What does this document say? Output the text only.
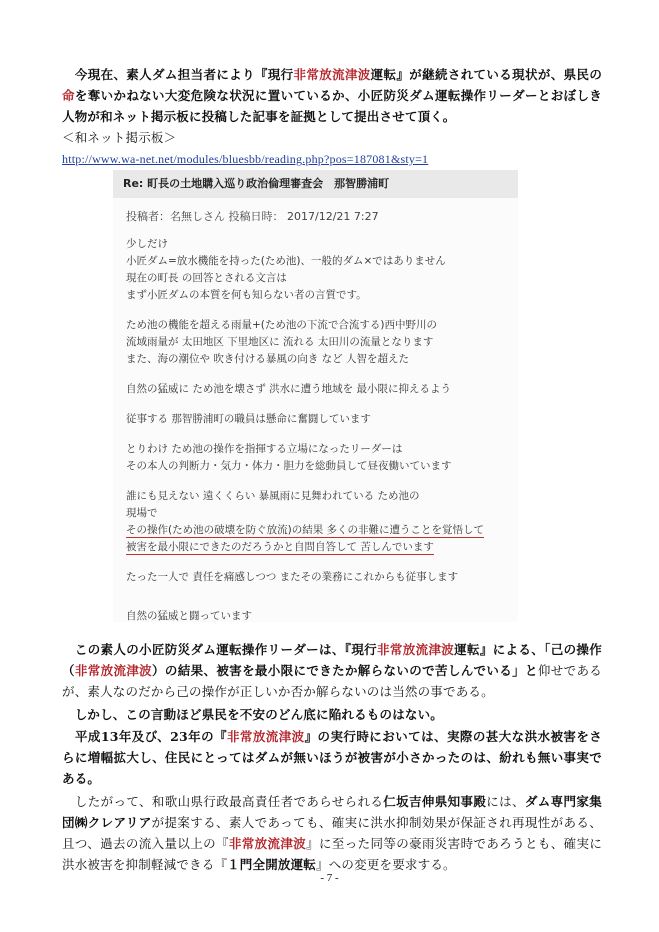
　今現在、素人ダム担当者により『現行非常放流津波運転』が継続されている現状が、県民の命を奪いかねない大変危険な状況に置いているか、小匠防災ダム運転操作リーダーとおぼしき人物が和ネット掲示板に投稿した記事を証拠として提出させて頂く。
＜和ネット掲示板＞
http://www.wa-net.net/modules/bluesbb/reading.php?pos=187081&sty=1
Re: 町長の土地購入巡り政治倫理審査会　那智勝浦町
投稿者：名無しさん 投稿日時： 2017/12/21 7:27
少しだけ
小匠ダム=放水機能を持った(ため池)、一般的ダム×ではありません
現在の町長 の回答とされる文言は
まず小匠ダムの本質を何も知らない者の言質です。
ため池の機能を超える雨量+(ため池の下流で合流する)西中野川の
流域雨量が 太田地区 下里地区に 流れる 太田川の流量となります
また、海の潮位や 吹き付ける暴風の向き など 人智を超えた
自然の猛威に ため池を壊さず 洪水に遭う地域を 最小限に抑えるよう
従事する 那智勝浦町の職員は懸命に奮闘しています
とりわけ ため池の操作を指揮する立場になったリーダーは
その本人の判断力・気力・体力・胆力を総動員して昼夜働いています
誰にも見えない 遠くくらい 暴風雨に見舞われている ため池の
現場で
その操作(ため池の破壊を防ぐ放流)の結果 多くの非難に遭うことを覚悟して
被害を最小限にできたのだろうかと自問自答して 苦しんでいます
たった一人で 責任を痛感しつつ またその業務にこれからも従事します
自然の猛威と闘っています
　この素人の小匠防災ダム運転操作リーダーは、『現行非常放流津波運転』による、「己の操作（非常放流津波）の結果、被害を最小限にできたか解らないので苦しんでいる」と仰せであるが、素人なのだから己の操作が正しいか否か解らないのは当然の事である。
　しかし、この言動ほど県民を不安のどん底に陥れるものはない。
　平成13年及び、23年の『非常放流津波』の実行時においては、実際の甚大な洪水被害をさらに増幅拡大し、住民にとってはダムが無いほうが被害が小さかったのは、紛れも無い事実である。
　したがって、和歌山県行政最高責任者であらせられる仁坂吉伸県知事殿には、ダム専門家集団㈱クレアリアが提案する、素人であっても、確実に洪水抑制効果が保証され再現性がある、且つ、過去の流入量以上の『非常放流津波』に至った同等の豪雨災害時であろうとも、確実に洪水被害を抑制軽減できる『１門全開放運転』への変更を要求する。
- 7 -
